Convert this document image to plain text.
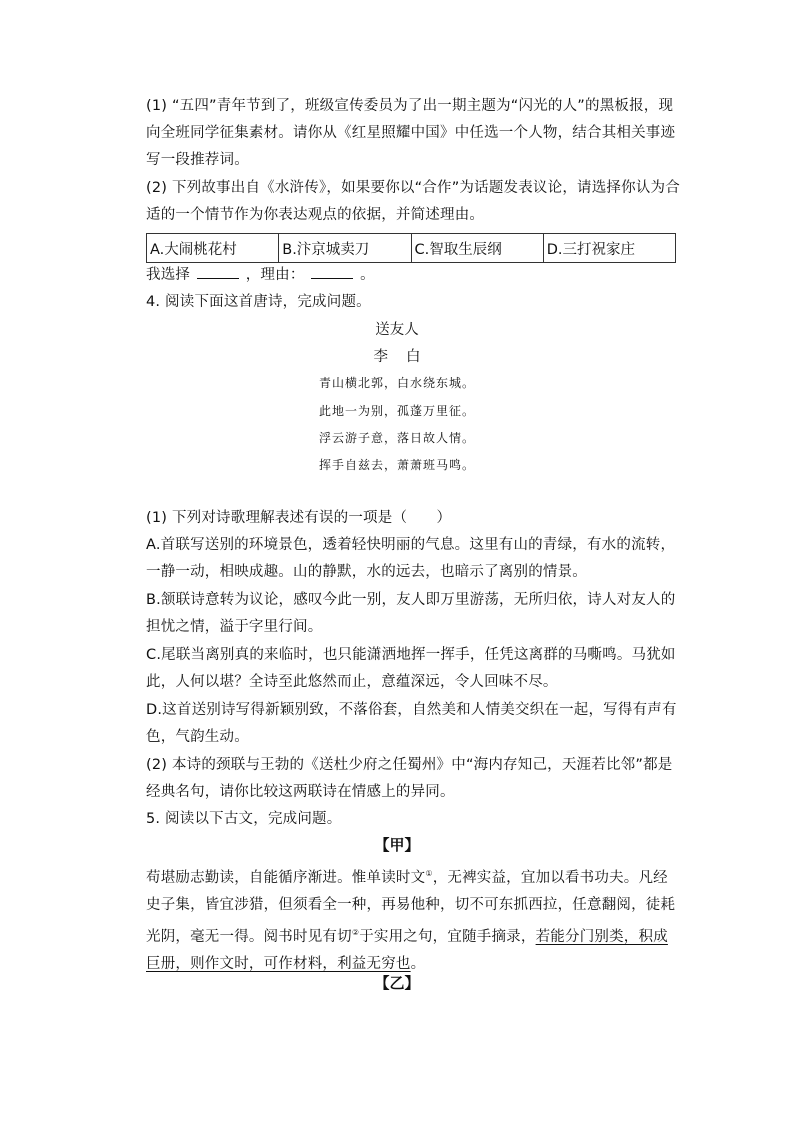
(1) “五四”青年节到了，班级宣传委员为了出一期主题为“闪光的人”的黑板报，现向全班同学征集素材。请你从《红星照耀中国》中任选一个人物，结合其相关事迹写一段推荐词。
(2) 下列故事出自《水浒传》，如果要你以“合作”为话题发表议论，请选择你认为合适的一个情节作为你表达观点的依据，并简述理由。
A.大闹桃花村	B.汴京城卖刀	C.智取生辰纲	D.三打祝家庄
我选择	，理由：	。
4. 阅读下面这首唐诗，完成问题。
送友人
李白
青山横北郭，白水绕东城。
此地一为别，孤蓬万里征。
浮云游子意，落日故人情。
挥手自兹去，萧萧班马鸣。
(1) 下列对诗歌理解表述有误的一项是（　　）
A.首联写送别的环境景色，透着轻快明丽的气息。这里有山的青绿，有水的流转，一静一动，相映成趣。山的静默，水的远去，也暗示了离别的情景。
B.颔联诗意转为议论，感叹今此一别，友人即万里游荡，无所归依，诗人对友人的担忧之情，溢于字里行间。
C.尾联当离别真的来临时，也只能潇洒地挥一挥手，任凭这离群的马嘶鸣。马犹如此，人何以堪？全诗至此悠然而止，意蕴深远，令人回味不尽。
D.这首送别诗写得新颖别致，不落俗套，自然美和人情美交织在一起，写得有声有色，气韵生动。
(2) 本诗的颈联与王勃的《送杜少府之任蜀州》中“海内存知己，天涯若比邻”都是经典名句，请你比较这两联诗在情感上的异同。
5. 阅读以下古文，完成问题。
【甲】
苟堪励志勤读，自能循序渐进。惟单读时文①，无裨实益，宜加以看书功夫。凡经史子集，皆宜涉猎，但须看全一种，再易他种，切不可东抓西拉，任意翻阅，徒耗光阴，毫无一得。阅书时见有切②于实用之句，宜随手摘录，若能分门别类，积成巨册，则作文时，可作材料，利益无穷也。
【乙】
